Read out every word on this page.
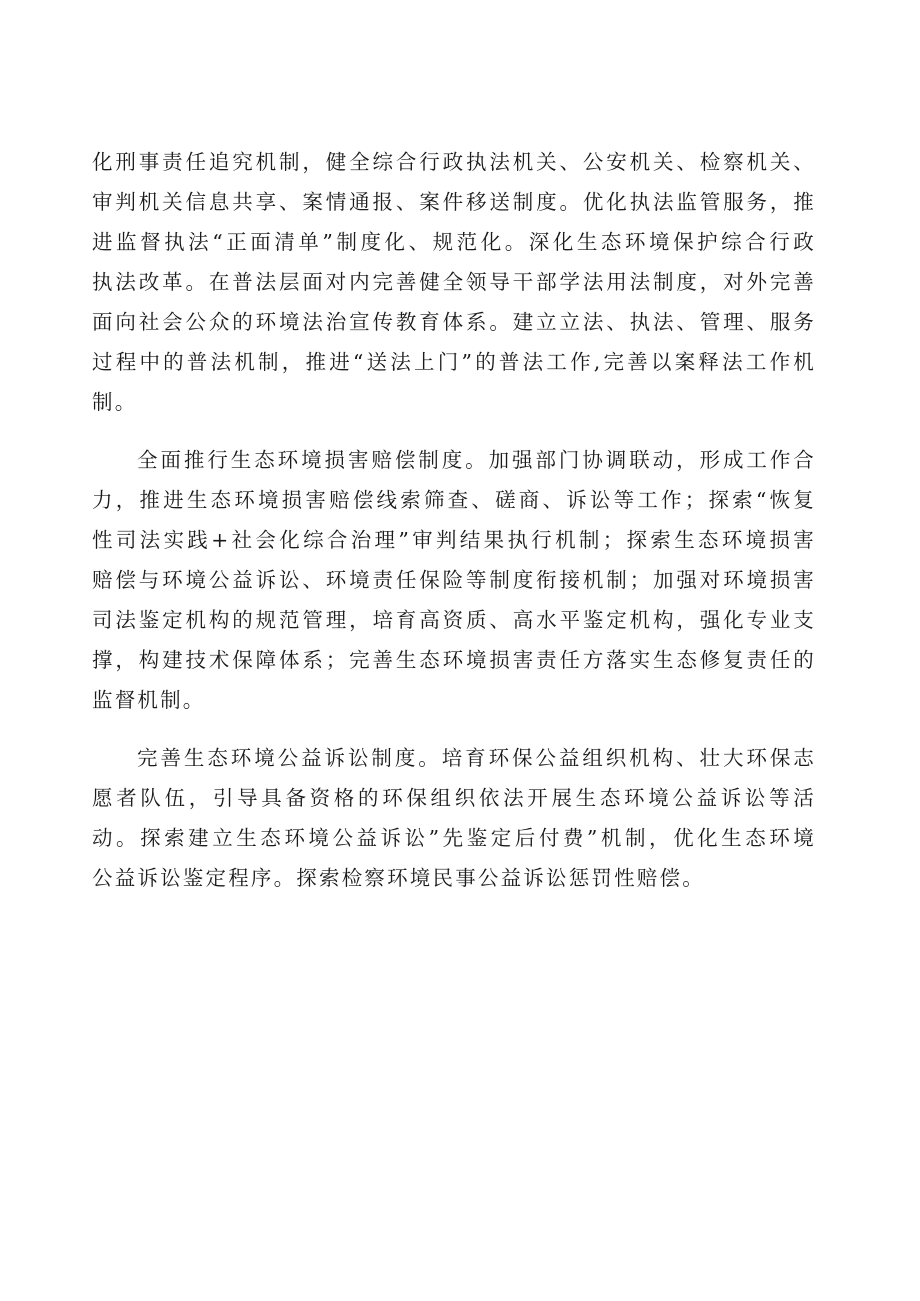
化刑事责任追究机制，健全综合行政执法机关、公安机关、检察机关、
审判机关信息共享、案情通报、案件移送制度。优化执法监管服务，推
进监督执法“正面清单”制度化、规范化。深化生态环境保护综合行政
执法改革。在普法层面对内完善健全领导干部学法用法制度，对外完善
面向社会公众的环境法治宣传教育体系。建立立法、执法、管理、服务
过程中的普法机制，推进“送法上门”的普法工作,完善以案释法工作机
制。
全面推行生态环境损害赔偿制度。加强部门协调联动，形成工作合
力，推进生态环境损害赔偿线索筛查、磋商、诉讼等工作；探索“恢复
性司法实践+社会化综合治理”审判结果执行机制；探索生态环境损害
赔偿与环境公益诉讼、环境责任保险等制度衔接机制；加强对环境损害
司法鉴定机构的规范管理，培育高资质、高水平鉴定机构，强化专业支
撑，构建技术保障体系；完善生态环境损害责任方落实生态修复责任的
监督机制。
完善生态环境公益诉讼制度。培育环保公益组织机构、壮大环保志
愿者队伍，引导具备资格的环保组织依法开展生态环境公益诉讼等活
动。探索建立生态环境公益诉讼”先鉴定后付费”机制，优化生态环境
公益诉讼鉴定程序。探索检察环境民事公益诉讼惩罚性赔偿。
